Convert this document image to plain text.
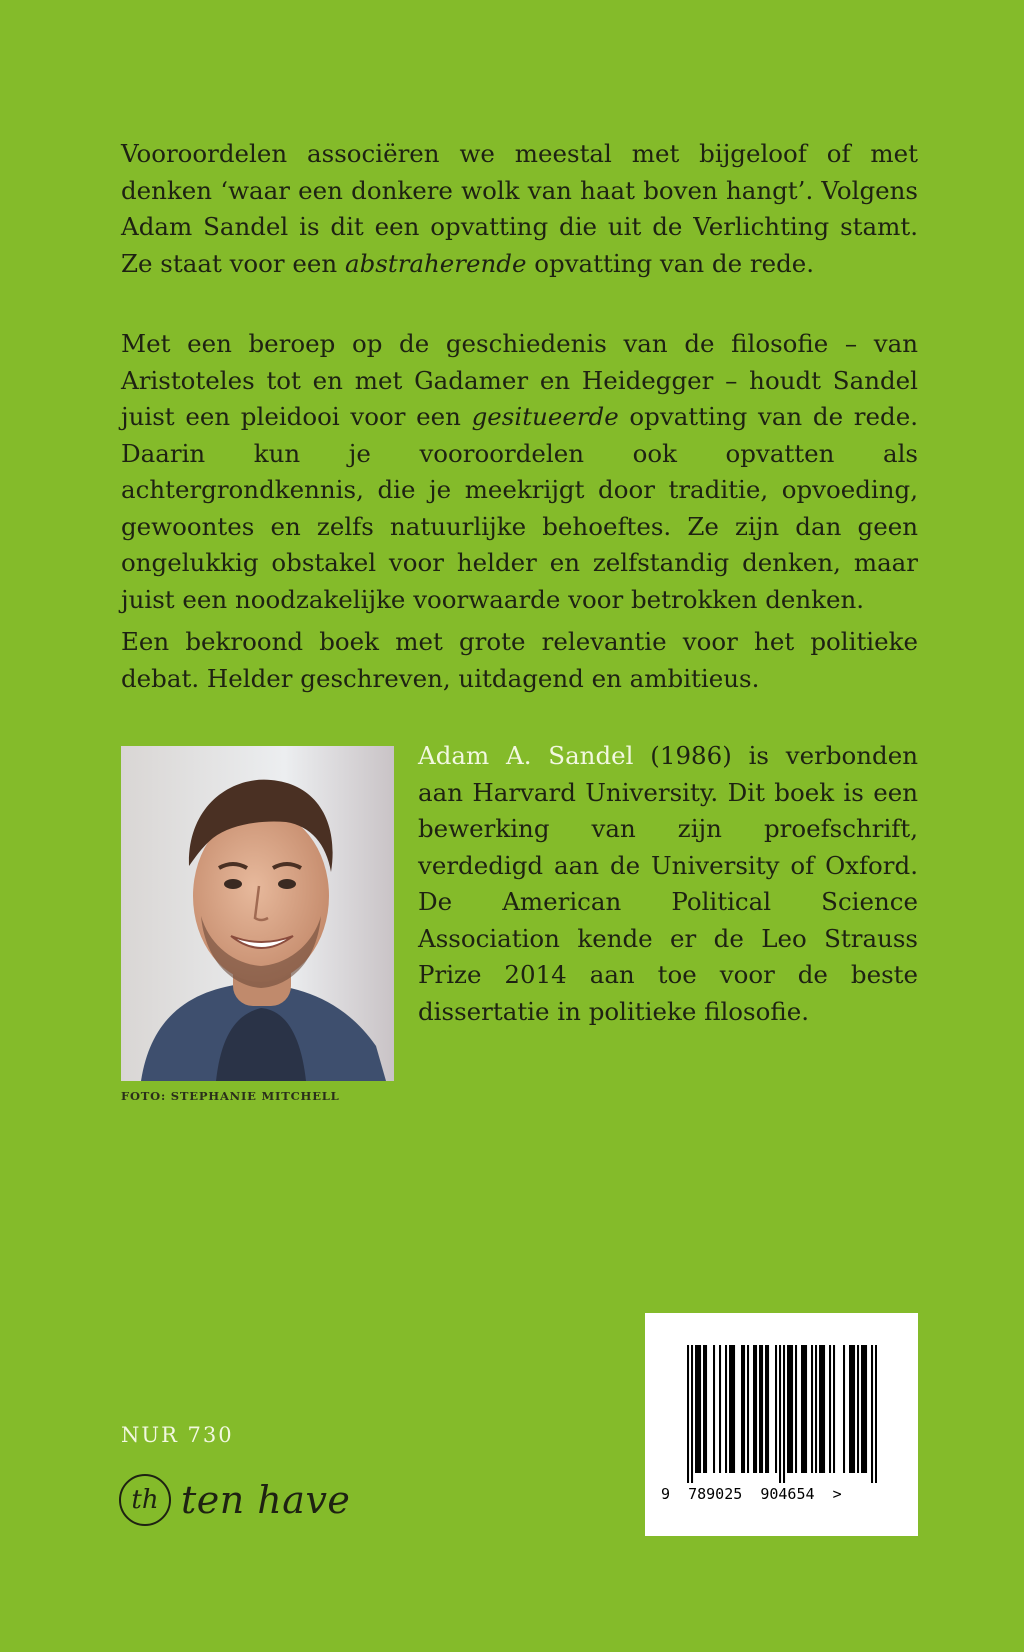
Vooroordelen associëren we meestal met bijgeloof of met denken ‘waar een donkere wolk van haat boven hangt’. Volgens Adam Sandel is dit een opvatting die uit de Verlichting stamt. Ze staat voor een abstraherende opvatting van de rede.

Met een beroep op de geschiedenis van de filosofie – van Aristoteles tot en met Gadamer en Heidegger – houdt Sandel juist een pleidooi voor een gesitueerde opvatting van de rede. Daarin kun je vooroordelen ook opvatten als achtergrondkennis, die je meekrijgt door traditie, opvoeding, gewoontes en zelfs natuurlijke behoeftes. Ze zijn dan geen ongelukkig obstakel voor helder en zelfstandig denken, maar juist een noodzakelijke voorwaarde voor betrokken denken.

Een bekroond boek met grote relevantie voor het politieke debat. Helder geschreven, uitdagend en ambitieus.

FOTO: STEPHANIE MITCHELL

Adam A. Sandel (1986) is verbonden aan Harvard University. Dit boek is een bewerking van zijn proefschrift, verdedigd aan de University of Oxford. De American Political Science Association kende er de Leo Strauss Prize 2014 aan toe voor de beste dissertatie in politieke filosofie.

NUR 730
th ten have	9  789025  904654  >
